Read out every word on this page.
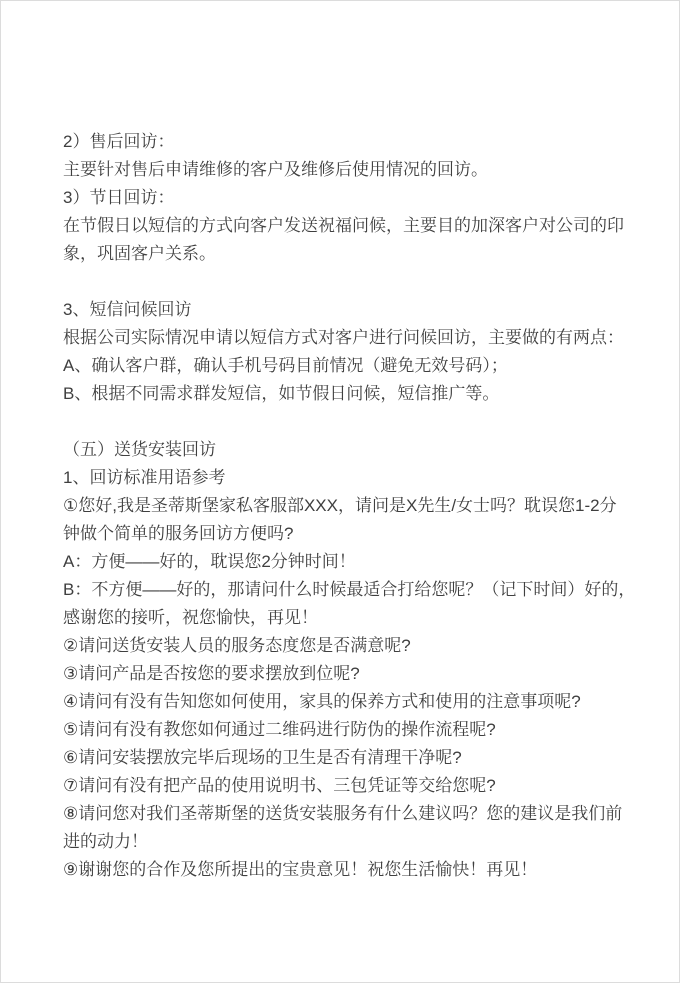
2）售后回访：
主要针对售后申请维修的客户及维修后使用情况的回访。
3）节日回访：
在节假日以短信的方式向客户发送祝福问候，主要目的加深客户对公司的印
象，巩固客户关系。
3、短信问候回访
根据公司实际情况申请以短信方式对客户进行问候回访，主要做的有两点：
A、确认客户群，确认手机号码目前情况（避免无效号码）；
B、根据不同需求群发短信，如节假日问候，短信推广等。
（五）送货安装回访
1、回访标准用语参考
①您好,我是圣蒂斯堡家私客服部XXX，请问是X先生/女士吗？耽误您1-2分
钟做个简单的服务回访方便吗?
A：方便——好的，耽误您2分钟时间！
B：不方便——好的，那请问什么时候最适合打给您呢？（记下时间）好的，
感谢您的接听，祝您愉快，再见！
②请问送货安装人员的服务态度您是否满意呢?
③请问产品是否按您的要求摆放到位呢?
④请问有没有告知您如何使用，家具的保养方式和使用的注意事项呢?
⑤请问有没有教您如何通过二维码进行防伪的操作流程呢?
⑥请问安装摆放完毕后现场的卫生是否有清理干净呢?
⑦请问有没有把产品的使用说明书、三包凭证等交给您呢?
⑧请问您对我们圣蒂斯堡的送货安装服务有什么建议吗？您的建议是我们前
进的动力！
⑨谢谢您的合作及您所提出的宝贵意见！祝您生活愉快！再见！
